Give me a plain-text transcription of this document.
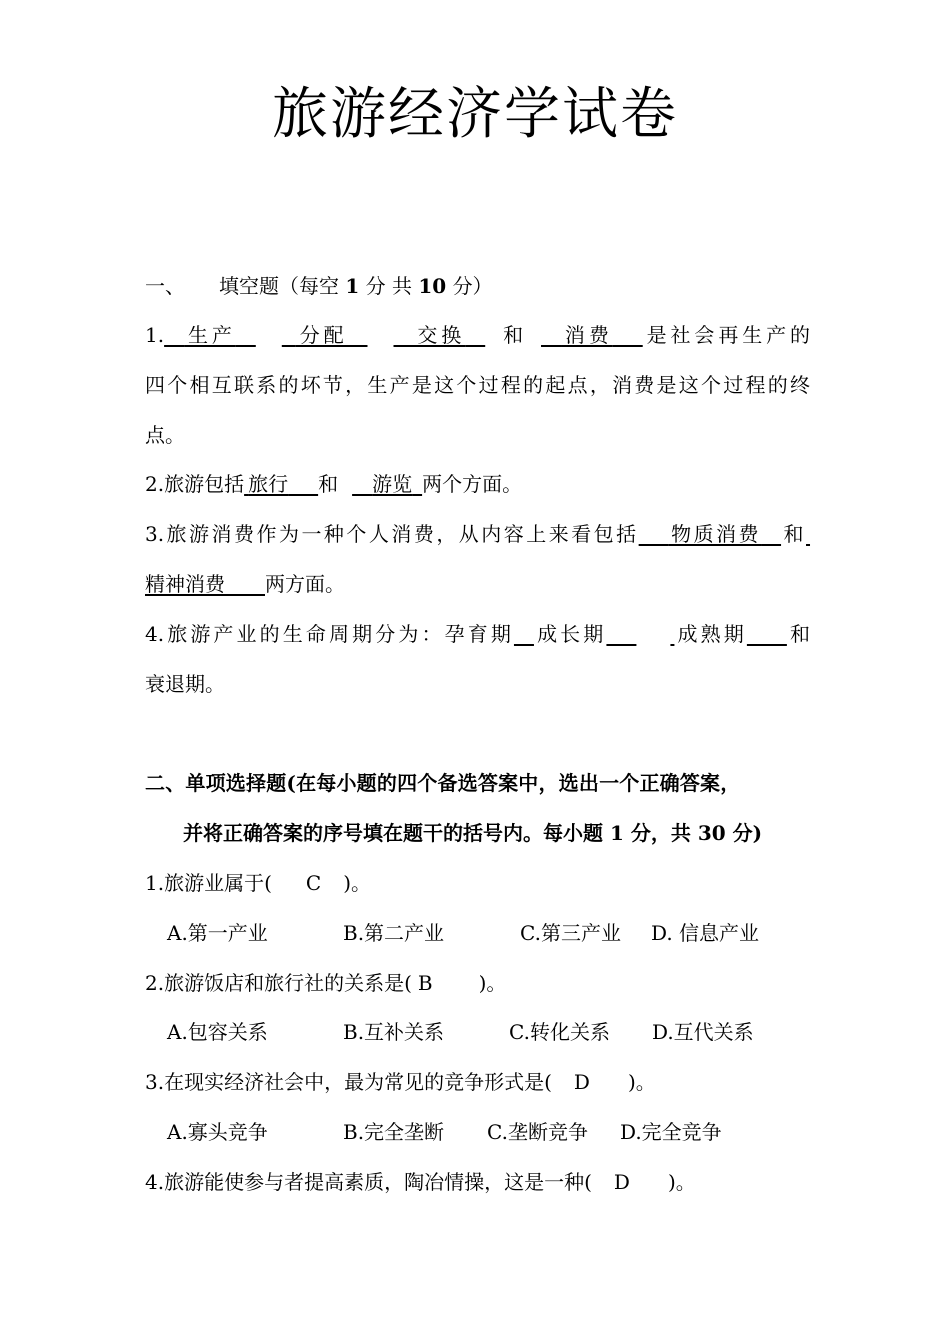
旅游经济学试卷
一、 填空题（每空 1 分 共 10 分）
1.  生产   	分配  	交换  和  消费   是社会再生产的
四个相互联系的坏节，生产是这个过程的起点，消费是这个过程的终
点。
2.旅游包括  旅行   和  游览  两个方面。
3.旅游消费作为一种个人消费，从内容上来看包括   物质消费  和 
精神消费   两方面。
4.旅游产业的生命周期分为：孕育期  成长期   	成熟期   和
衰退期。
二、单项选择题(在每小题的四个备选答案中，选出一个正确答案，
并将正确答案的序号填在题干的括号内。每小题 1 分，共 30 分)
1.旅游业属于( C )。
A.第一产业	B.第二产业	C.第三产业 D. 信息产业
2.旅游饭店和旅行社的关系是( B )。
A.包容关系	B.互补关系	C.转化关系 D.互代关系
3.在现实经济社会中，最为常见的竞争形式是( D )。
A.寡头竞争	B.完全垄断 C.垄断竞争 D.完全竞争
4.旅游能使参与者提高素质，陶冶情操，这是一种( D )。
